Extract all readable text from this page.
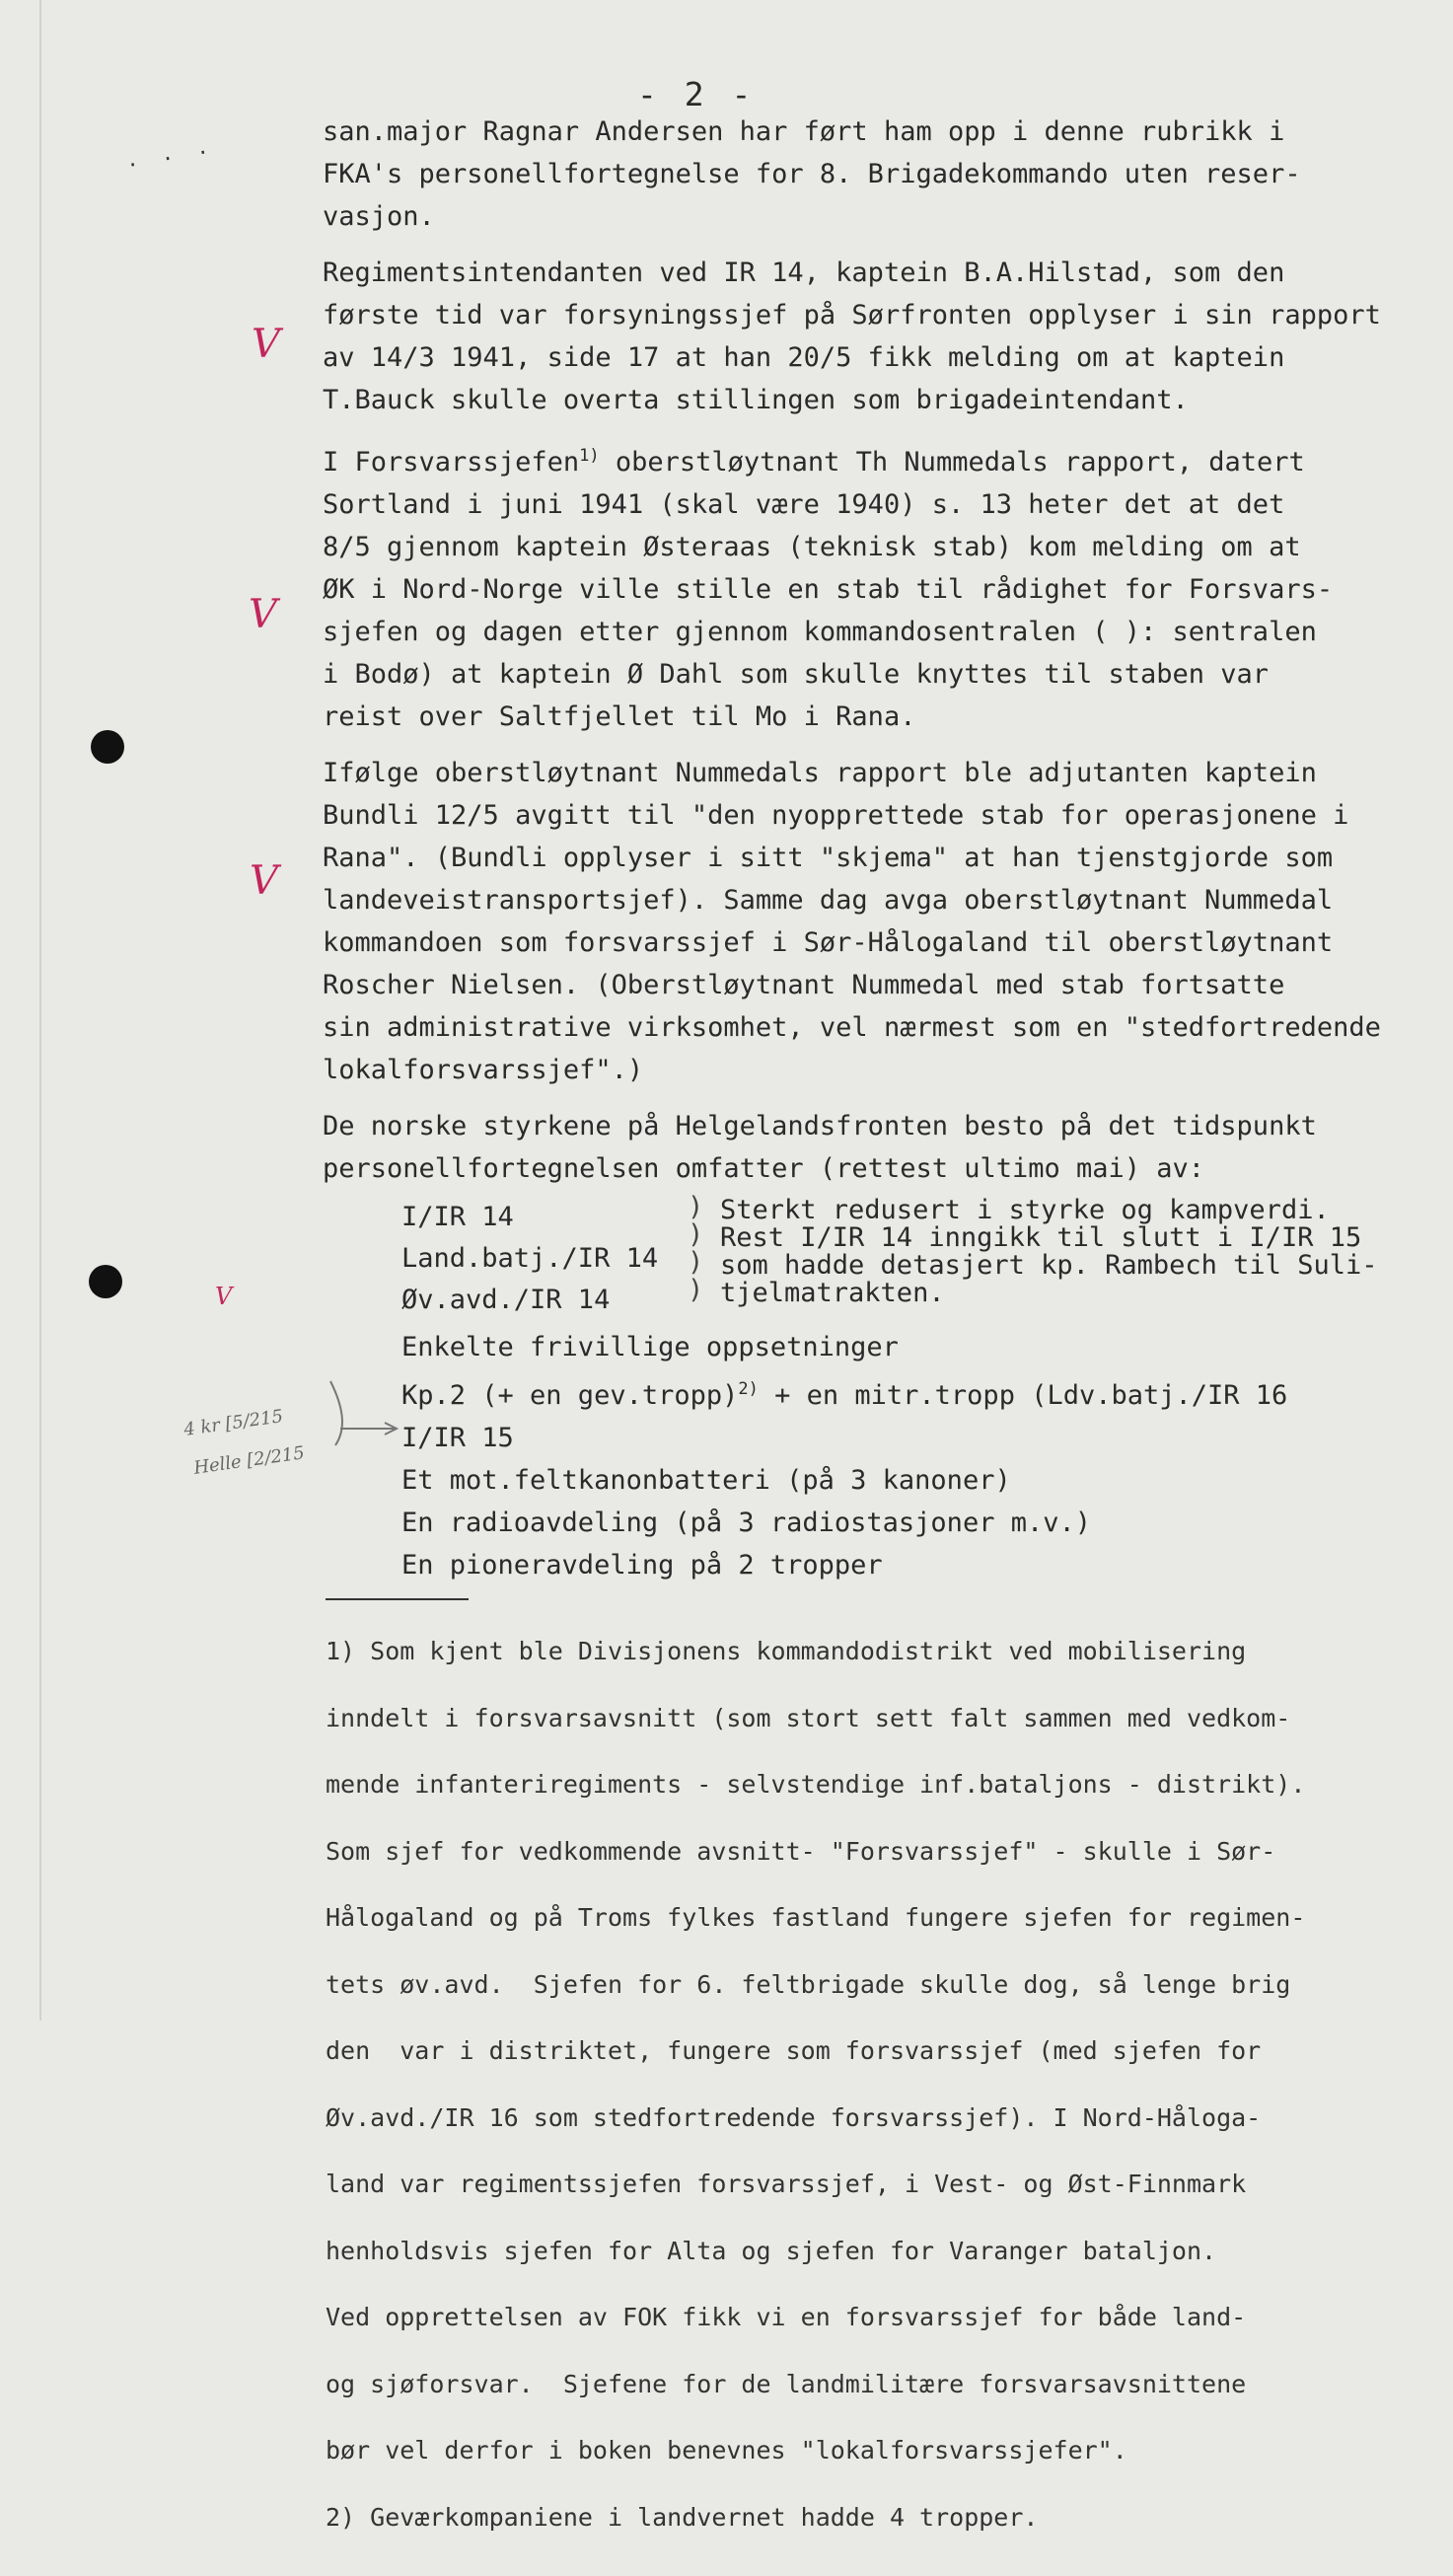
· · ·
- 2 -

san.major Ragnar Andersen har ført ham opp i denne rubrikk i

FKA's personellfortegnelse for 8. Brigadekommando uten reser-

vasjon.

Regimentsintendanten ved IR 14, kaptein B.A.Hilstad, som den

første tid var forsyningssjef på Sørfronten opplyser i sin rapport

av 14/3 1941, side 17 at han 20/5 fikk melding om at kaptein

T.Bauck skulle overta stillingen som brigadeintendant.

I Forsvarssjefen$^{1)}$ oberstløytnant Th Nummedals rapport, datert

Sortland i juni 1941 (skal være 1940) s. 13 heter det at det

8/5 gjennom kaptein Østeraas (teknisk stab) kom melding om at

ØK i Nord-Norge ville stille en stab til rådighet for Forsvars-

sjefen og dagen etter gjennom kommandosentralen ( ): sentralen

i Bodø) at kaptein Ø Dahl som skulle knyttes til staben var

reist over Saltfjellet til Mo i Rana.

Ifølge oberstløytnant Nummedals rapport ble adjutanten kaptein

Bundli 12/5 avgitt til "den nyopprettede stab for operasjonene i

Rana". (Bundli opplyser i sitt "skjema" at han tjenstgjorde som

landeveistransportsjef). Samme dag avga oberstløytnant Nummedal

kommandoen som forsvarssjef i Sør-Hålogaland til oberstløytnant

Roscher Nielsen. (Oberstløytnant Nummedal med stab fortsatte

sin administrative virksomhet, vel nærmest som en "stedfortredende

lokalforsvarssjef".)

De norske styrkene på Helgelandsfronten besto på det tidspunkt

personellfortegnelsen omfatter (rettest ultimo mai) av:

I/IR 14
Land.batj./IR 14
Øv.avd./IR 14
)
)
)
)
Sterkt redusert i styrke og kampverdi.
Rest I/IR 14 inngikk til slutt i I/IR 15
som hadde detasjert kp. Rambech til Suli-
tjelmatrakten.
Enkelte frivillige oppsetninger
Kp.2 (+ en gev.tropp)$^{2)}$ + en mitr.tropp (Ldv.batj./IR 16
I/IR 15
Et mot.feltkanonbatteri (på 3 kanoner)
En radioavdeling (på 3 radiostasjoner m.v.)
En pioneravdeling på 2 tropper

1) Som kjent ble Divisjonens kommandodistrikt ved mobilisering

inndelt i forsvarsavsnitt (som stort sett falt sammen med vedkom-

mende infanteriregiments - selvstendige inf.bataljons - distrikt).

Som sjef for vedkommende avsnitt- "Forsvarssjef" - skulle i Sør-

Hålogaland og på Troms fylkes fastland fungere sjefen for regimen-

tets øv.avd.  Sjefen for 6. feltbrigade skulle dog, så lenge brig

den  var i distriktet, fungere som forsvarssjef (med sjefen for

Øv.avd./IR 16 som stedfortredende forsvarssjef). I Nord-Hålogа-

land var regimentssjefen forsvarssjef, i Vest- og Øst-Finnmark

henholdsvis sjefen for Alta og sjefen for Varanger bataljon.

Ved opprettelsen av FOK fikk vi en forsvarssjef for både land-

og sjøforsvar.  Sjefene for de landmilitære forsvarsavsnittene

bør vel derfor i boken benevnes "lokalforsvarssjefer".

2) Geværkompaniene i landvernet hadde 4 tropper.

V
V
V
V
4 kr [5/215
Helle [2/215
